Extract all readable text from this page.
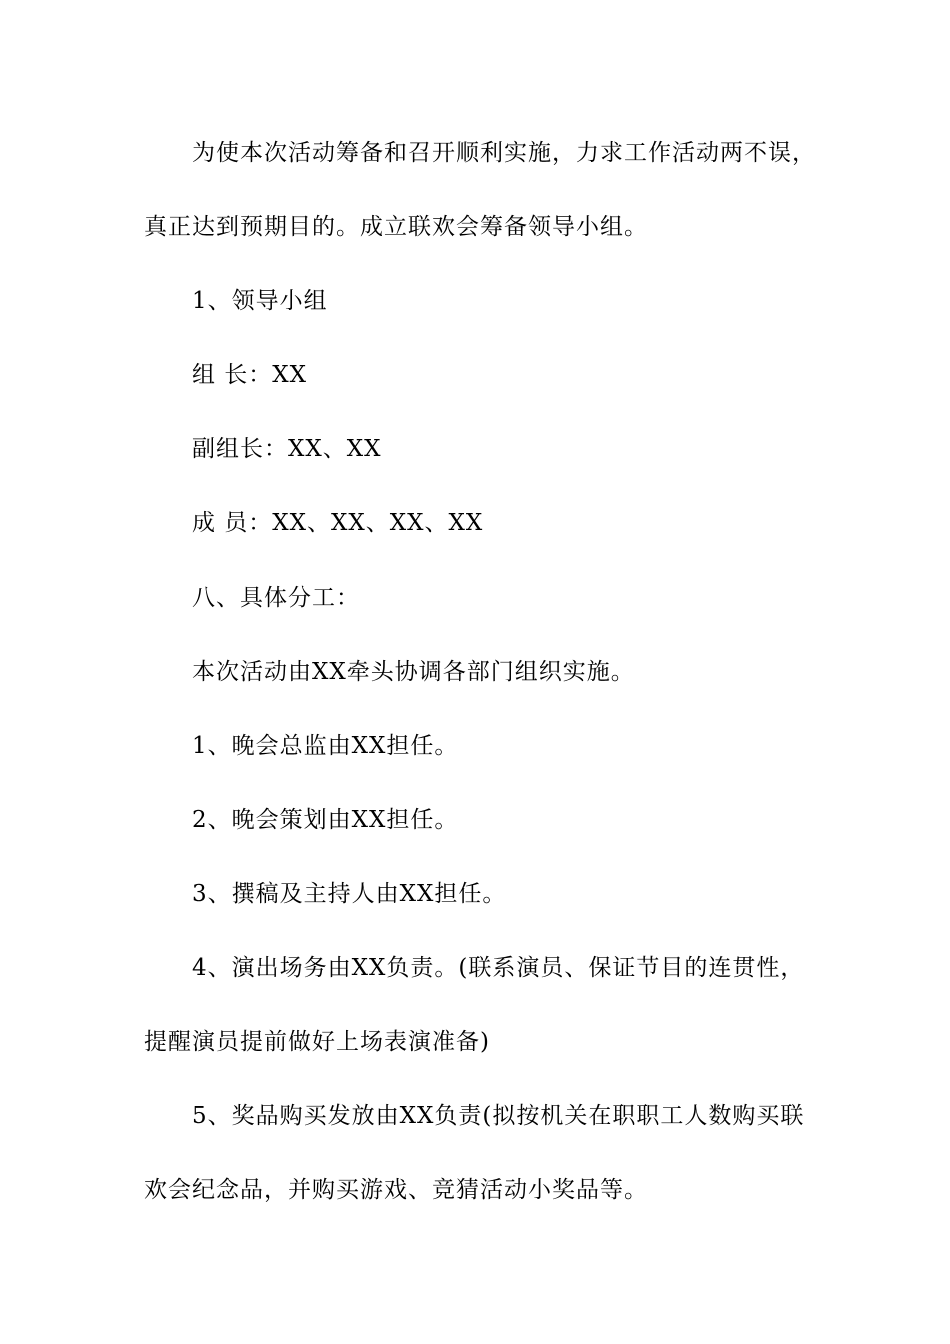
为使本次活动筹备和召开顺利实施，力求工作活动两不误，
真正达到预期目的。成立联欢会筹备领导小组。
1、领导小组
组 长：XX
副组长：XX、XX
成 员：XX、XX、XX、XX
八、具体分工：
本次活动由XX牵头协调各部门组织实施。
1、晚会总监由XX担任。
2、晚会策划由XX担任。
3、撰稿及主持人由XX担任。
4、演出场务由XX负责。(联系演员、保证节目的连贯性，
提醒演员提前做好上场表演准备)
5、奖品购买发放由XX负责(拟按机关在职职工人数购买联
欢会纪念品，并购买游戏、竞猜活动小奖品等。
